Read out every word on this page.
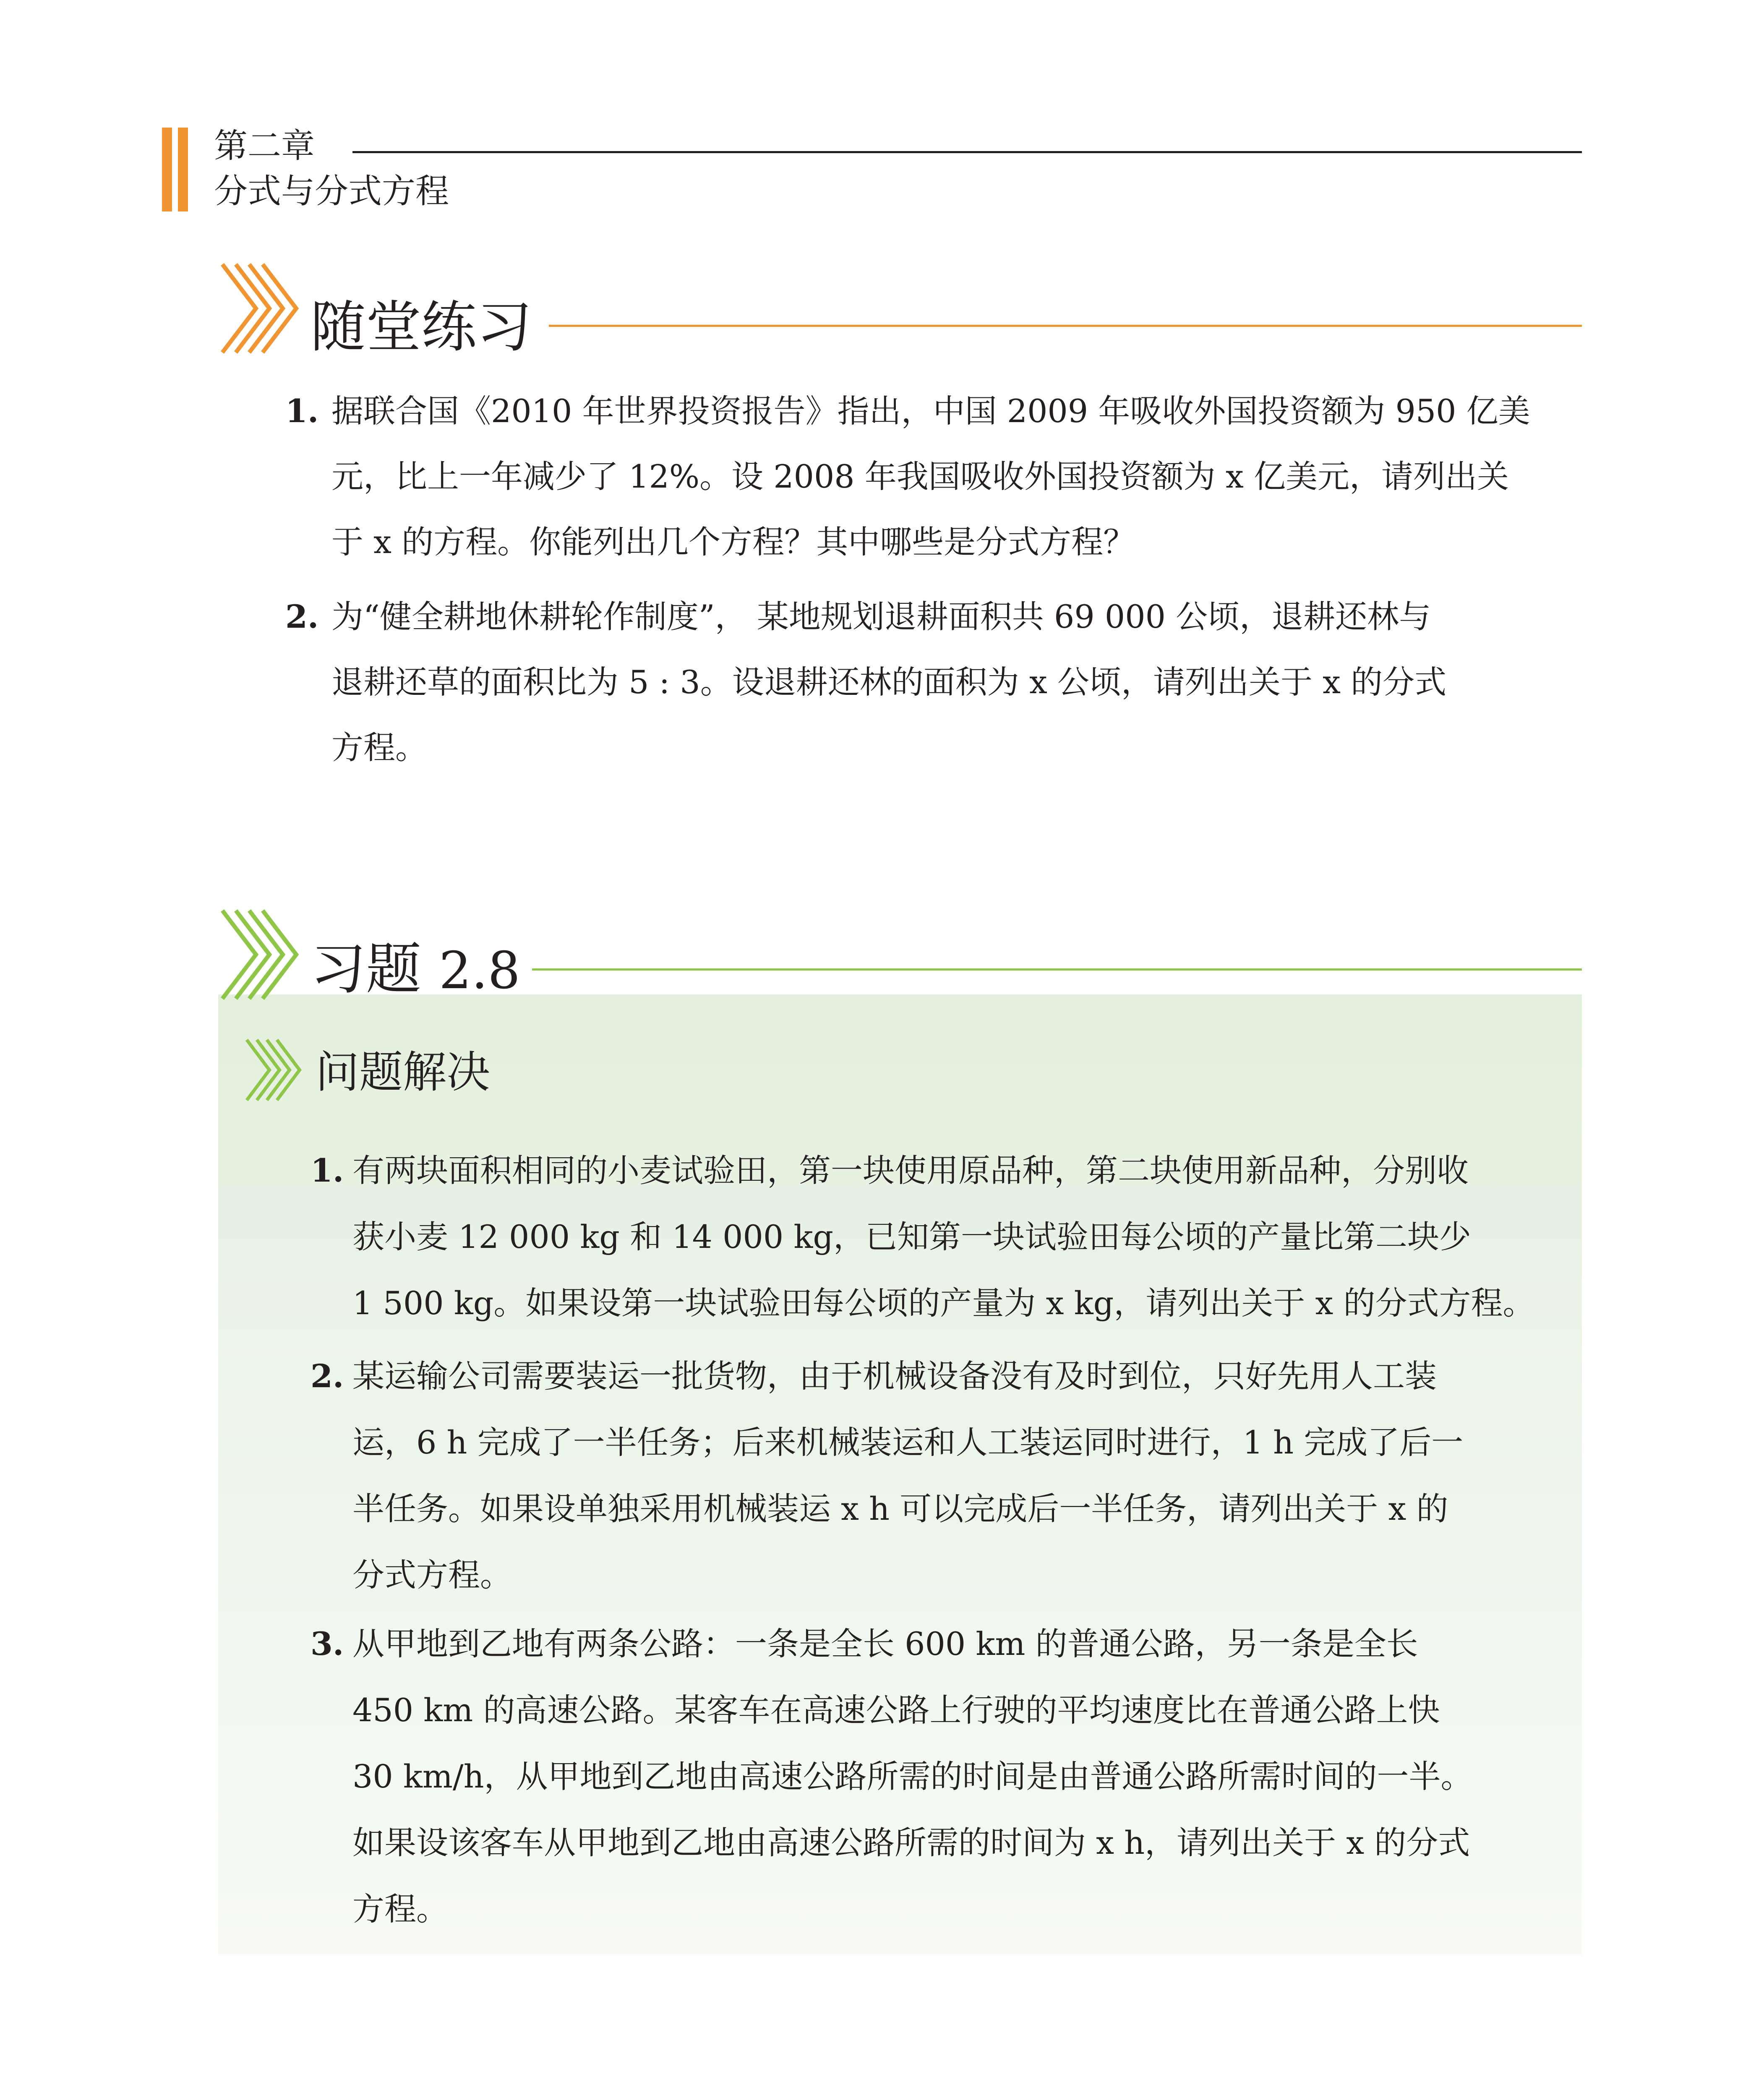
第二章
分式与分式方程
随堂练习
1. 据联合国《2010 年世界投资报告》指出，中国 2009 年吸收外国投资额为 950 亿美
元，比上一年减少了 12%。设 2008 年我国吸收外国投资额为 x 亿美元，请列出关
于 x 的方程。你能列出几个方程？其中哪些是分式方程？
2. 为“健全耕地休耕轮作制度”， 某地规划退耕面积共 69 000 公顷，退耕还林与
退耕还草的面积比为 5 : 3。设退耕还林的面积为 x 公顷，请列出关于 x 的分式
方程。
习题 2.8
问题解决
1. 有两块面积相同的小麦试验田，第一块使用原品种，第二块使用新品种，分别收
获小麦 12 000 kg 和 14 000 kg，已知第一块试验田每公顷的产量比第二块少
1 500 kg。如果设第一块试验田每公顷的产量为 x kg，请列出关于 x 的分式方程。
2. 某运输公司需要装运一批货物，由于机械设备没有及时到位，只好先用人工装
运，6 h 完成了一半任务；后来机械装运和人工装运同时进行，1 h 完成了后一
半任务。如果设单独采用机械装运 x h 可以完成后一半任务，请列出关于 x 的
分式方程。
3. 从甲地到乙地有两条公路：一条是全长 600 km 的普通公路，另一条是全长
450 km 的高速公路。某客车在高速公路上行驶的平均速度比在普通公路上快
30 km/h，从甲地到乙地由高速公路所需的时间是由普通公路所需时间的一半。
如果设该客车从甲地到乙地由高速公路所需的时间为 x h，请列出关于 x 的分式
方程。
